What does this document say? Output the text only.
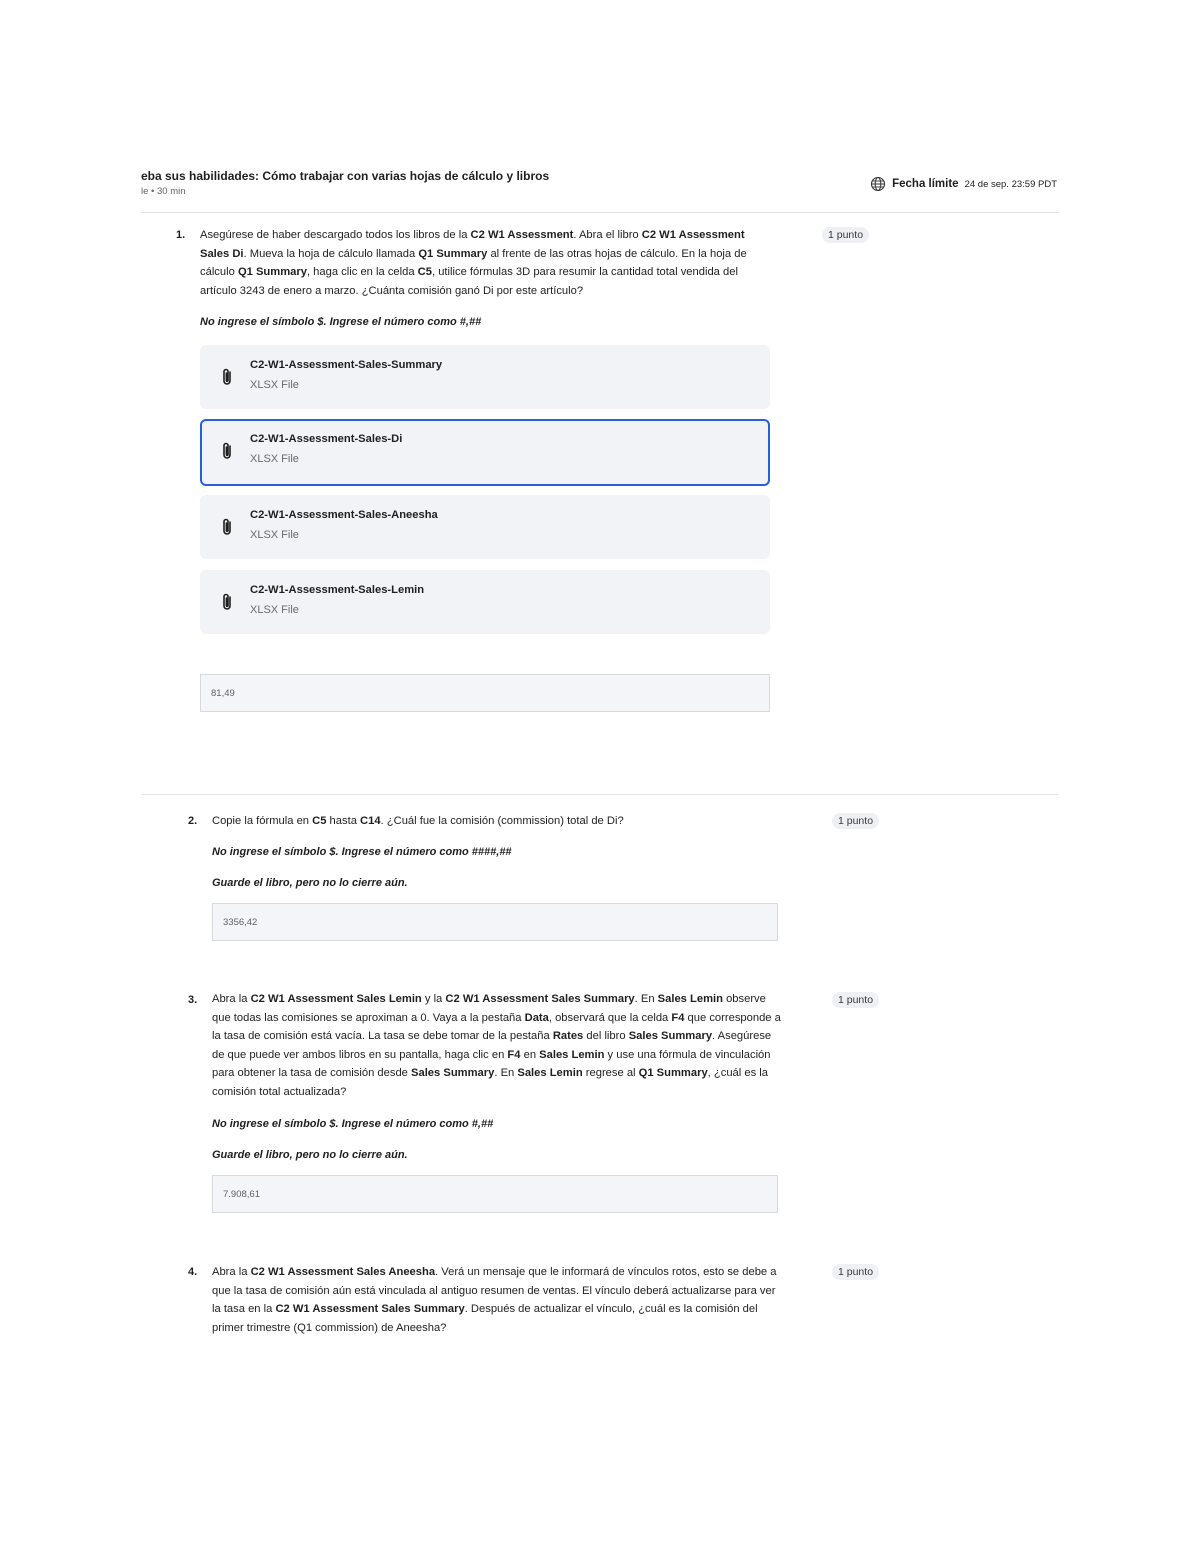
eba sus habilidades: Cómo trabajar con varias hojas de cálculo y libros
le • 30 min
Fecha límite 24 de sep. 23:59 PDT
1. Asegúrese de haber descargado todos los libros de la C2 W1 Assessment. Abra el libro C2 W1 Assessment Sales Di. Mueva la hoja de cálculo llamada Q1 Summary al frente de las otras hojas de cálculo. En la hoja de cálculo Q1 Summary, haga clic en la celda C5, utilice fórmulas 3D para resumir la cantidad total vendida del artículo 3243 de enero a marzo. ¿Cuánta comisión ganó Di por este artículo?
1 punto
No ingrese el símbolo $. Ingrese el número como #,##
C2-W1-Assessment-Sales-Summary
XLSX File
C2-W1-Assessment-Sales-Di
XLSX File
C2-W1-Assessment-Sales-Aneesha
XLSX File
C2-W1-Assessment-Sales-Lemin
XLSX File
81,49
2. Copie la fórmula en C5 hasta C14. ¿Cuál fue la comisión (commission) total de Di?	1 punto
No ingrese el símbolo $. Ingrese el número como ####,##
Guarde el libro, pero no lo cierre aún.
3356,42
3. Abra la C2 W1 Assessment Sales Lemin y la C2 W1 Assessment Sales Summary. En Sales Lemin observe que todas las comisiones se aproximan a 0. Vaya a la pestaña Data, observará que la celda F4 que corresponde a la tasa de comisión está vacía. La tasa se debe tomar de la pestaña Rates del libro Sales Summary. Asegúrese de que puede ver ambos libros en su pantalla, haga clic en F4 en Sales Lemin y use una fórmula de vinculación para obtener la tasa de comisión desde Sales Summary. En Sales Lemin regrese al Q1 Summary, ¿cuál es la comisión total actualizada?
1 punto
No ingrese el símbolo $. Ingrese el número como #,##
Guarde el libro, pero no lo cierre aún.
7.908,61
4. Abra la C2 W1 Assessment Sales Aneesha. Verá un mensaje que le informará de vínculos rotos, esto se debe a que la tasa de comisión aún está vinculada al antiguo resumen de ventas. El vínculo deberá actualizarse para ver la tasa en la C2 W1 Assessment Sales Summary. Después de actualizar el vínculo, ¿cuál es la comisión del primer trimestre (Q1 commission) de Aneesha?
1 punto
